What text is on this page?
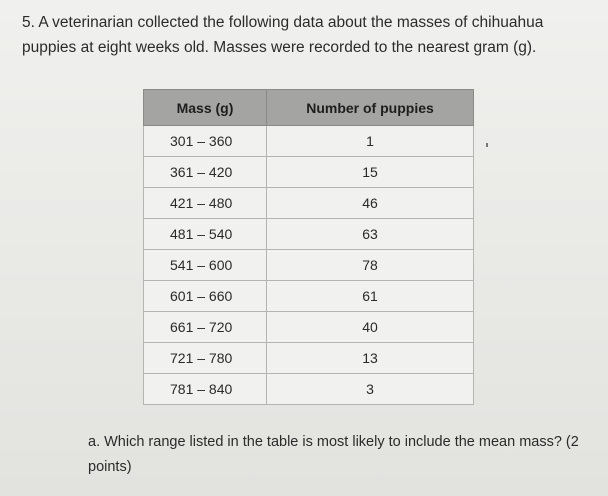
5. A veterinarian collected the following data about the masses of chihuahua
puppies at eight weeks old. Masses were recorded to the nearest gram (g).
Mass (g)	Number of puppies
301 – 360	1
361 – 420	15
421 – 480	46
481 – 540	63
541 – 600	78
601 – 660	61
661 – 720	40
721 – 780	13
781 – 840	3
a. Which range listed in the table is most likely to include the mean mass? (2 points)
